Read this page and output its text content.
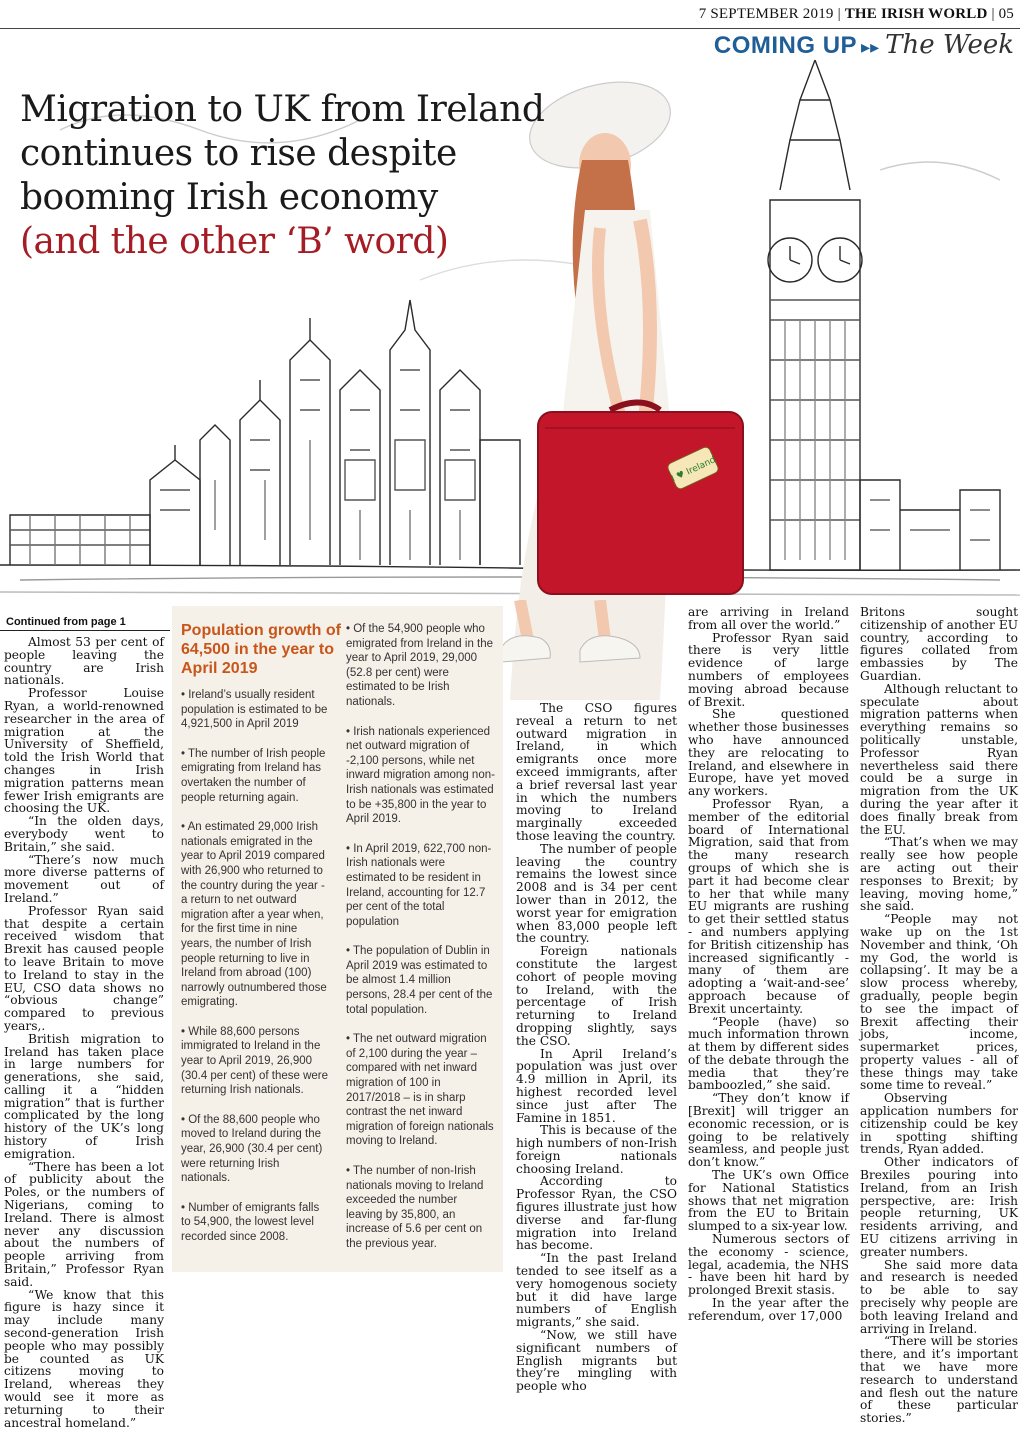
7 SEPTEMBER 2019 | THE IRISH WORLD | 05
COMING UP ▸▸ The Week
I ♥ Ireland
Migration to UK from Ireland
continues to rise despite
booming Irish economy
(and the other ‘B’ word)
Continued from page 1

Almost 53 per cent of people leaving the country are Irish nationals.

Professor Louise Ryan, a world-renowned researcher in the area of migration at the University of Sheffield, told the Irish World that changes in Irish migration patterns mean fewer Irish emigrants are choosing the UK.

“In the olden days, everybody went to Britain,” she said.

“There’s now much more diverse patterns of movement out of Ireland.”

Professor Ryan said that despite a certain received wisdom that Brexit has caused people to leave Britain to move to Ireland to stay in the EU, CSO data shows no “obvious change” compared to previous years,.

British migration to Ireland has taken place in large numbers for generations, she said, calling it a “hidden migration” that is further complicated by the long history of the UK’s long history of Irish emigration.

“There has been a lot of publicity about the Poles, or the numbers of Nigerians, coming to Ireland. There is almost never any discussion about the numbers of people arriving from Britain,” Professor Ryan said.

“We know that this figure is hazy since it may include many second-generation Irish people who may possibly be counted as UK citizens moving to Ireland, whereas they would see it more as returning to their ancestral homeland.”

Population growth of 64,500 in the year to April 2019

• Ireland’s usually resident population is estimated to be 4,921,500 in April 2019

• The number of Irish people emigrating from Ireland has overtaken the number of people returning again.

• An estimated 29,000 Irish nationals emigrated in the year to April 2019 compared with 26,900 who returned to the country during the year - a return to net outward migration after a year when, for the first time in nine years, the number of Irish people returning to live in Ireland from abroad (100) narrowly outnumbered those emigrating.

• While 88,600 persons immigrated to Ireland in the year to April 2019, 26,900 (30.4 per cent) of these were returning Irish nationals.

• Of the 88,600 people who moved to Ireland during the year, 26,900 (30.4 per cent) were returning Irish nationals.

• Number of emigrants falls to 54,900, the lowest level recorded since 2008.

• Of the 54,900 people who emigrated from Ireland in the year to April 2019, 29,000 (52.8 per cent) were estimated to be Irish nationals.

• Irish nationals experienced net outward migration of -2,100 persons, while net inward migration among non-Irish nationals was estimated to be +35,800 in the year to April 2019.

• In April 2019, 622,700 non-Irish nationals were estimated to be resident in Ireland, accounting for 12.7 per cent of the total population

• The population of Dublin in April 2019 was estimated to be almost 1.4 million persons, 28.4 per cent of the total population.

• The net outward migration of 2,100 during the year – compared with net inward migration of 100 in 2017/2018 – is in sharp contrast the net inward migration of foreign nationals moving to Ireland.

• The number of non-Irish nationals moving to Ireland exceeded the number leaving by 35,800, an increase of 5.6 per cent on the previous year.

The CSO figures reveal a return to net outward migration in Ireland, in which emigrants once more exceed immigrants, after a brief reversal last year in which the numbers moving to Ireland marginally exceeded those leaving the country.

The number of people leaving the country remains the lowest since 2008 and is 34 per cent lower than in 2012, the worst year for emigration when 83,000 people left the country.

Foreign nationals constitute the largest cohort of people moving to Ireland, with the percentage of Irish returning to Ireland dropping slightly, says the CSO.

In April Ireland’s population was just over 4.9 million in April, its highest recorded level since just after The Famine in 1851.

This is because of the high numbers of non-Irish foreign nationals choosing Ireland.

According to Professor Ryan, the CSO figures illustrate just how diverse and far-flung migration into Ireland has become.

“In the past Ireland tended to see itself as a very homogenous society but it did have large numbers of English migrants,” she said.

“Now, we still have significant numbers of English migrants but they’re mingling with people who

are arriving in Ireland from all over the world.”

Professor Ryan said there is very little evidence of large numbers of employees moving abroad because of Brexit.

She questioned whether those businesses who have announced they are relocating to Ireland, and elsewhere in Europe, have yet moved any workers.

Professor Ryan, a member of the editorial board of International Migration, said that from the many research groups of which she is part it had become clear to her that while many EU migrants are rushing to get their settled status - and numbers applying for British citizenship has increased significantly - many of them are adopting a ‘wait-and-see’ approach because of Brexit uncertainty.

“People (have) so much information thrown at them by different sides of the debate through the media that they’re bamboozled,” she said.

“They don’t know if [Brexit] will trigger an economic recession, or is going to be relatively seamless, and people just don’t know.”

The UK’s own Office for National Statistics shows that net migration from the EU to Britain slumped to a six-year low.

Numerous sectors of the economy - science, legal, academia, the NHS - have been hit hard by prolonged Brexit stasis.

In the year after the referendum, over 17,000

Britons sought citizenship of another EU country, according to figures collated from embassies by The Guardian.

Although reluctant to speculate about migration patterns when everything remains so politically unstable, Professor Ryan nevertheless said there could be a surge in migration from the UK during the year after it does finally break from the EU.

“That’s when we may really see how people are acting out their responses to Brexit; by leaving, moving home,” she said.

“People may not wake up on the 1st November and think, ‘Oh my God, the world is collapsing’. It may be a slow process whereby, gradually, people begin to see the impact of Brexit affecting their jobs, income, supermarket prices, property values - all of these things may take some time to reveal.”

Observing application numbers for citizenship could be key in spotting shifting trends, Ryan added.

Other indicators of Brexiles pouring into Ireland, from an Irish perspective, are: Irish people returning, UK residents arriving, and EU citizens arriving in greater numbers.

She said more data and research is needed to be able to say precisely why people are both leaving Ireland and arriving in Ireland.

“There will be stories there, and it’s important that we have more research to understand and flesh out the nature of these particular stories.”
